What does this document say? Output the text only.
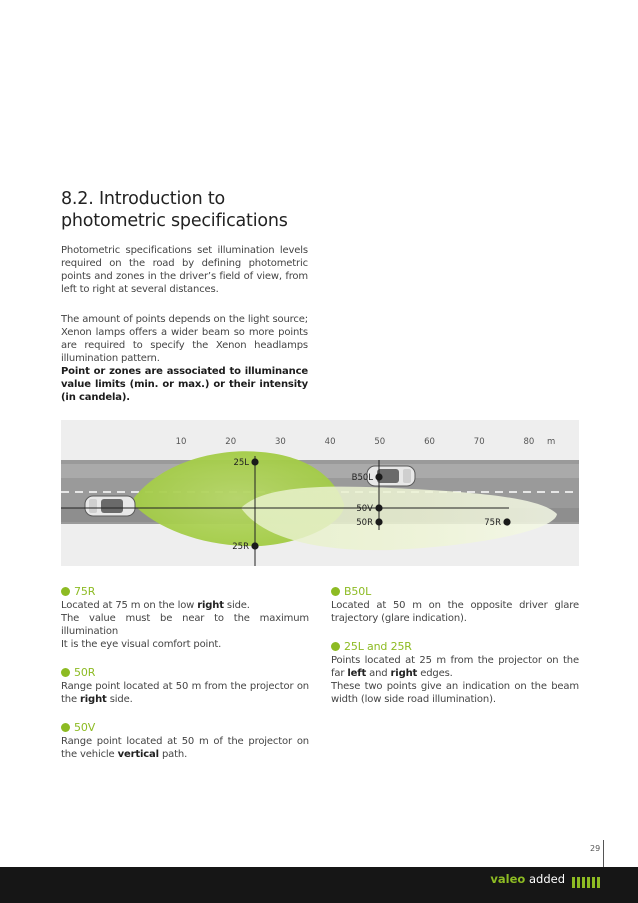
8.2. Introduction to photometric specifications
Photometric specifications set illumination levels required on the road by defining photometric points and zones in the driver’s field of view, from left to right at several distances.
The amount of points depends on the light source; Xenon lamps offers a wider beam so more points are required to specify the Xenon headlamps illumination pattern.
Point or zones are associated to illuminance value limits (min. or max.) or their intensity (in candela).
10	20	30	40	50	60	70	80 m
25L
B50L
50V
50R	75R
25R
75R
Located at 75 m on the low right side.
The value must be near to the maximum illumination
It is the eye visual comfort point.
50R
Range point located at 50 m from the projector on the right side.
50V
Range point located at 50 m of the projector on the vehicle vertical path.
B50L
Located at 50 m on the opposite driver glare trajectory (glare indication).
25L and 25R
Points located at 25 m from the projector on the far left and right edges.
These two points give an indication on the beam width (low side road illumination).
29
valeo added
